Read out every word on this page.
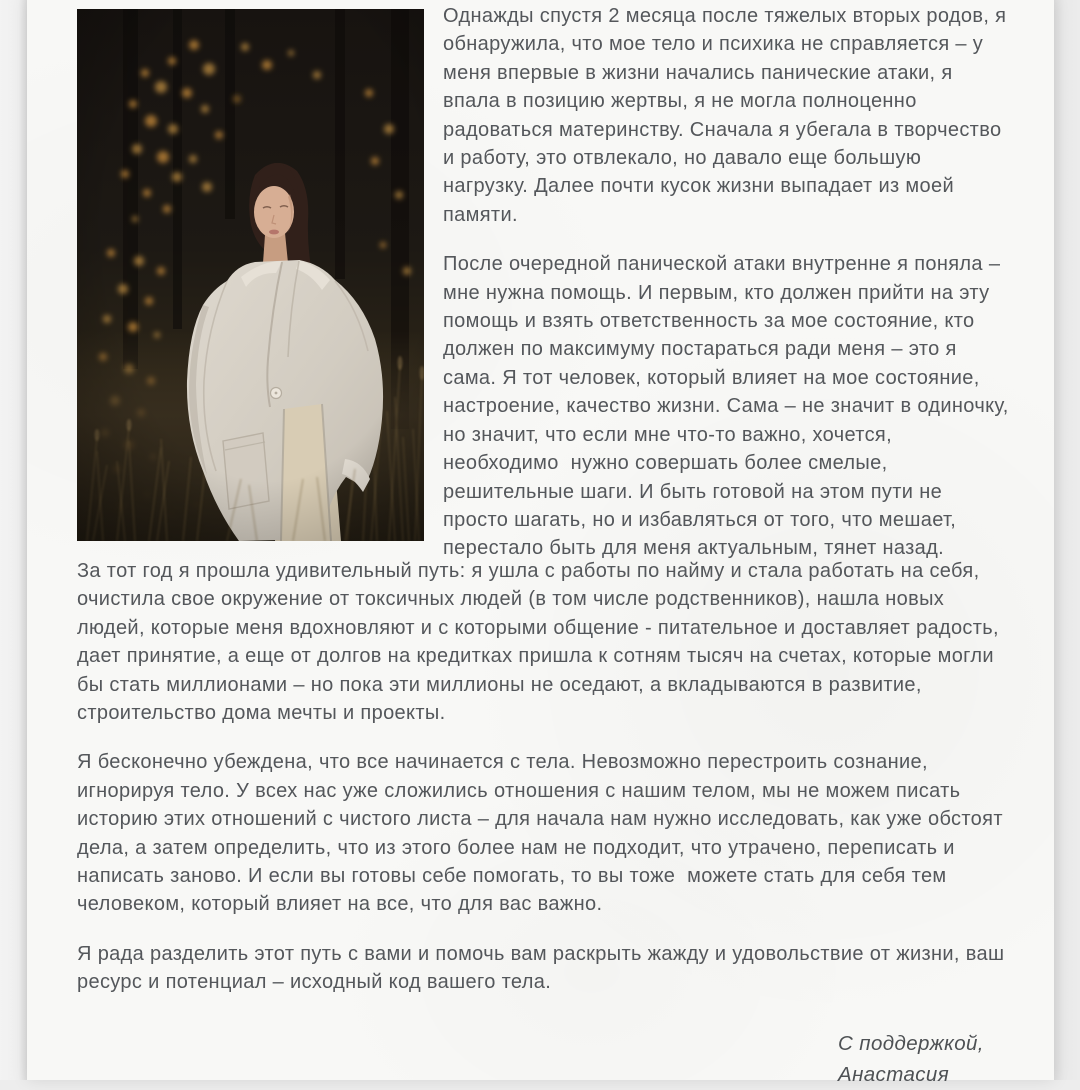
Однажды спустя 2 месяца после тяжелых вторых родов, я обнаружила, что мое тело и психика не справляется – у меня впервые в жизни начались панические атаки, я впала в позицию жертвы, я не могла полноценно радоваться материнству. Сначала я убегала в творчество и работу, это отвлекало, но давало еще большую нагрузку. Далее почти кусок жизни выпадает из моей памяти.

После очередной панической атаки внутренне я поняла – мне нужна помощь. И первым, кто должен прийти на эту помощь и взять ответственность за мое состояние, кто должен по максимуму постараться ради меня – это я сама. Я тот человек, который влияет на мое состояние, настроение, качество жизни. Сама – не значит в одиночку, но значит, что если мне что-то важно, хочется, необходимо  нужно совершать более смелые, решительные шаги. И быть готовой на этом пути не просто шагать, но и избавляться от того, что мешает, перестало быть для меня актуальным, тянет назад.

За тот год я прошла удивительный путь: я ушла с работы по найму и стала работать на себя, очистила свое окружение от токсичных людей (в том числе родственников), нашла новых людей, которые меня вдохновляют и с которыми общение - питательное и доставляет радость, дает принятие, а еще от долгов на кредитках пришла к сотням тысяч на счетах, которые могли бы стать миллионами – но пока эти миллионы не оседают, а вкладываются в развитие, строительство дома мечты и проекты.

Я бесконечно убеждена, что все начинается с тела. Невозможно перестроить сознание, игнорируя тело. У всех нас уже сложились отношения с нашим телом, мы не можем писать историю этих отношений с чистого листа – для начала нам нужно исследовать, как уже обстоят дела, а затем определить, что из этого более нам не подходит, что утрачено, переписать и написать заново. И если вы готовы себе помогать, то вы тоже  можете стать для себя тем человеком, который влияет на все, что для вас важно.

Я рада разделить этот путь с вами и помочь вам раскрыть жажду и удовольствие от жизни, ваш ресурс и потенциал – исходный код вашего тела.

С поддержкой,
Анастасия
